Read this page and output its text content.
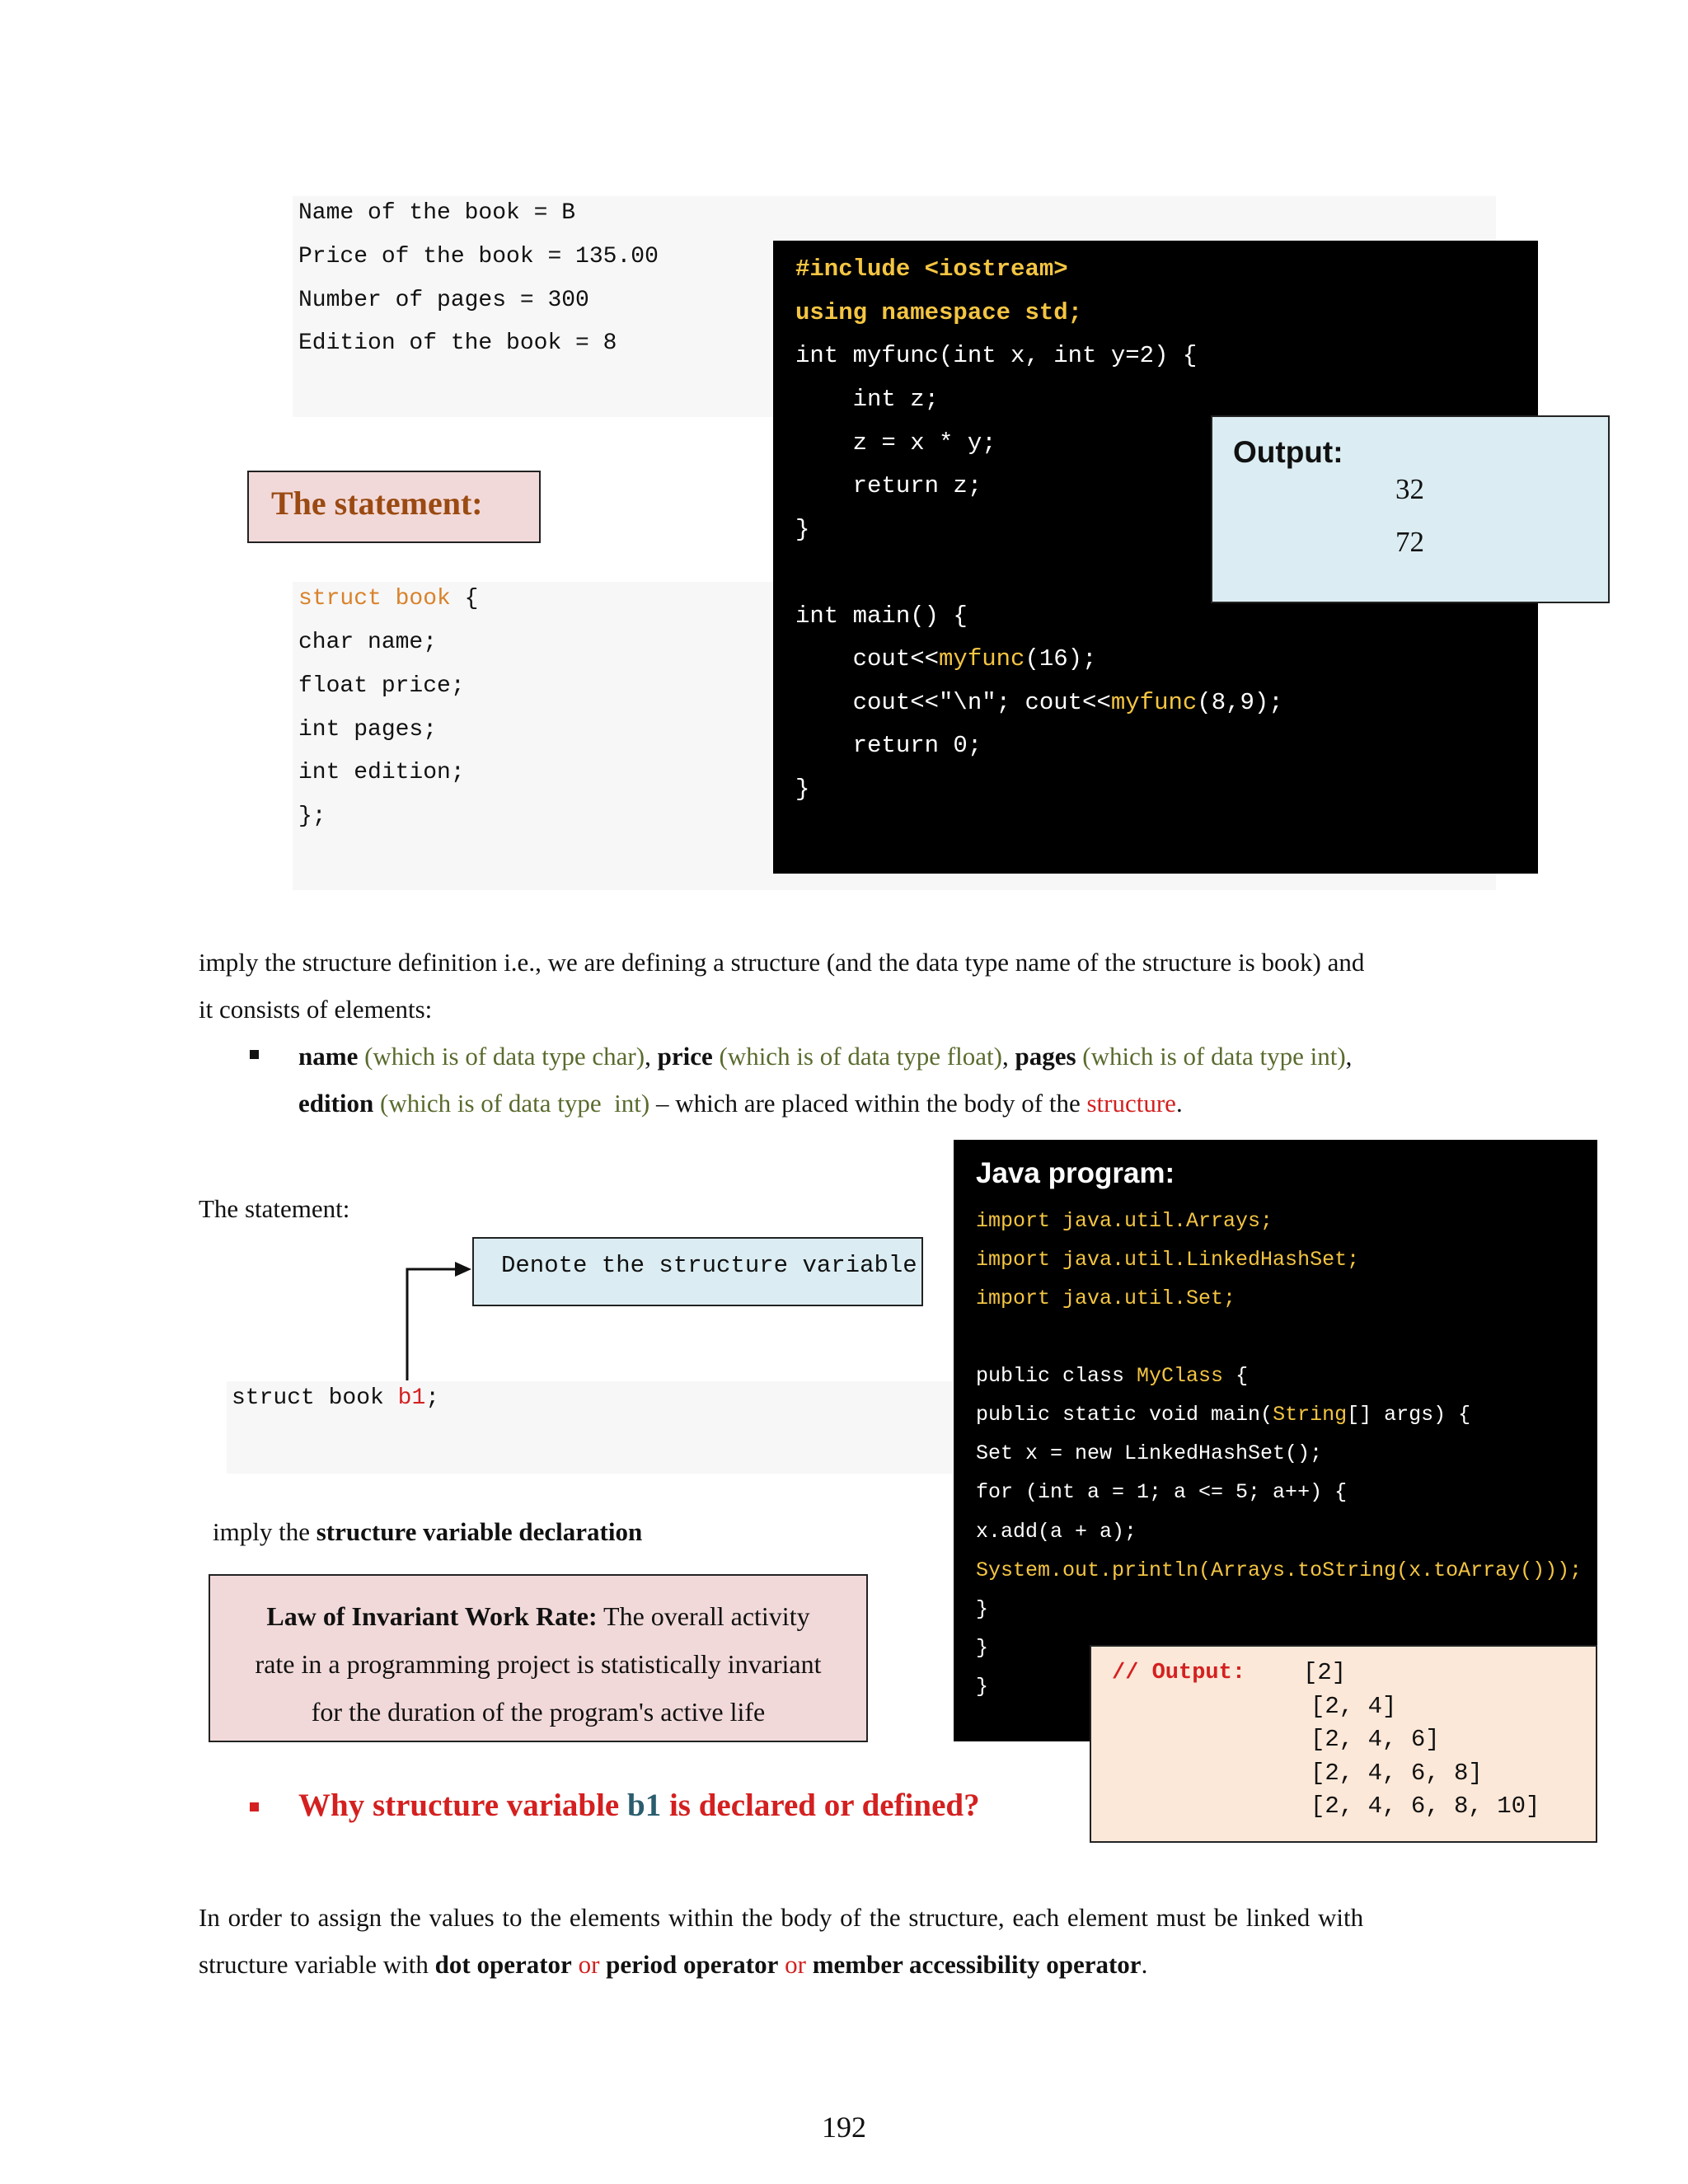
Name of the book = B
Price of the book = 135.00
Number of pages = 300
Edition of the book = 8
The statement:
struct book {
char name;
float price;
int pages;
int edition;
};
#include <iostream>
using namespace std;
int myfunc(int x, int y=2) {
int z;
z = x * y;
return z;
}
int main() {
cout<<myfunc(16);
cout<<"\n"; cout<<myfunc(8,9);
return 0;
}
Output:
32
72
imply the structure definition i.e., we are defining a structure (and the data type name of the structure is book) and
it consists of elements:
name (which is of data type char), price (which is of data type float), pages (which is of data type int),
edition (which is of data type  int) – which are placed within the body of the structure.
The statement:
Denote the structure variable
struct book b1;
imply the structure variable declaration
Law of Invariant Work Rate: The overall activity
rate in a programming project is statistically invariant
for the duration of the program's active life
Why structure variable b1 is declared or defined?
Java program:
import java.util.Arrays;
import java.util.LinkedHashSet;
import java.util.Set;
public class MyClass {
public static void main(String[] args) {
Set x = new LinkedHashSet();
for (int a = 1; a <= 5; a++) {
x.add(a + a);
System.out.println(Arrays.toString(x.toArray()));
}
}
}
// Output: [2]
[2, 4]
[2, 4, 6]
[2, 4, 6, 8]
[2, 4, 6, 8, 10]
In order to assign the values to the elements within the body of the structure, each element must be linked with
structure variable with dot operator or period operator or member accessibility operator.
192
